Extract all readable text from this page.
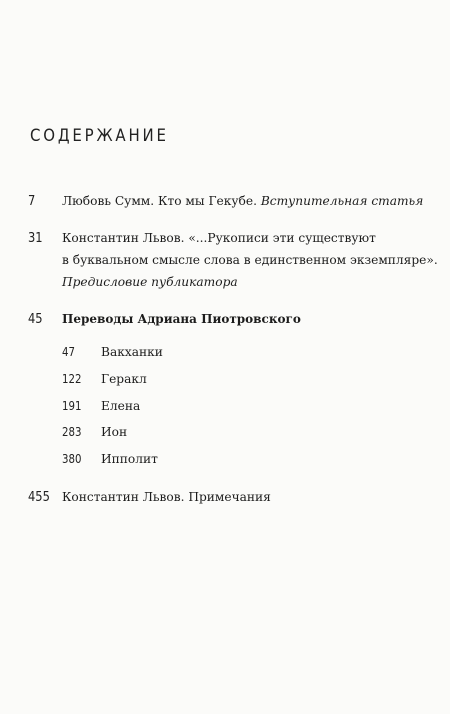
СОДЕРЖАНИЕ
7 Любовь Сумм. Кто мы Гекубе. Вступительная статья
31 Константин Львов. «...Рукописи эти существуют
в буквальном смысле слова в единственном экземпляре».
Предисловие публикатора
45 Переводы Адриана Пиотровского
47 Вакханки
122 Геракл
191 Елена
283 Ион
380 Ипполит
455 Константин Львов. Примечания
